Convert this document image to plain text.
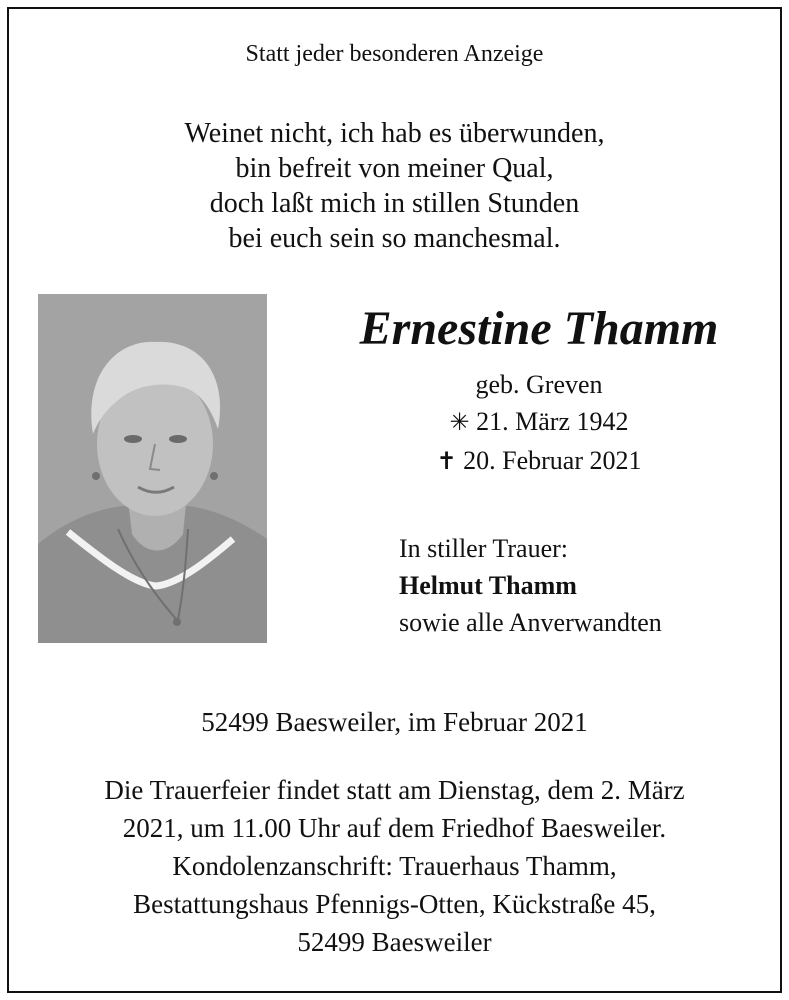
Statt jeder besonderen Anzeige
Weinet nicht, ich hab es überwunden,
bin befreit von meiner Qual,
doch laßt mich in stillen Stunden
bei euch sein so manchesmal.
Ernestine Thamm
geb. Greven
✳ 21. März 1942
✝ 20. Februar 2021
In stiller Trauer:
Helmut Thamm
sowie alle Anverwandten
52499 Baesweiler, im Februar 2021
Die Trauerfeier findet statt am Dienstag, dem 2. März
2021, um 11.00 Uhr auf dem Friedhof Baesweiler.
Kondolenzanschrift: Trauerhaus Thamm,
Bestattungshaus Pfennigs-Otten, Kückstraße 45,
52499 Baesweiler
